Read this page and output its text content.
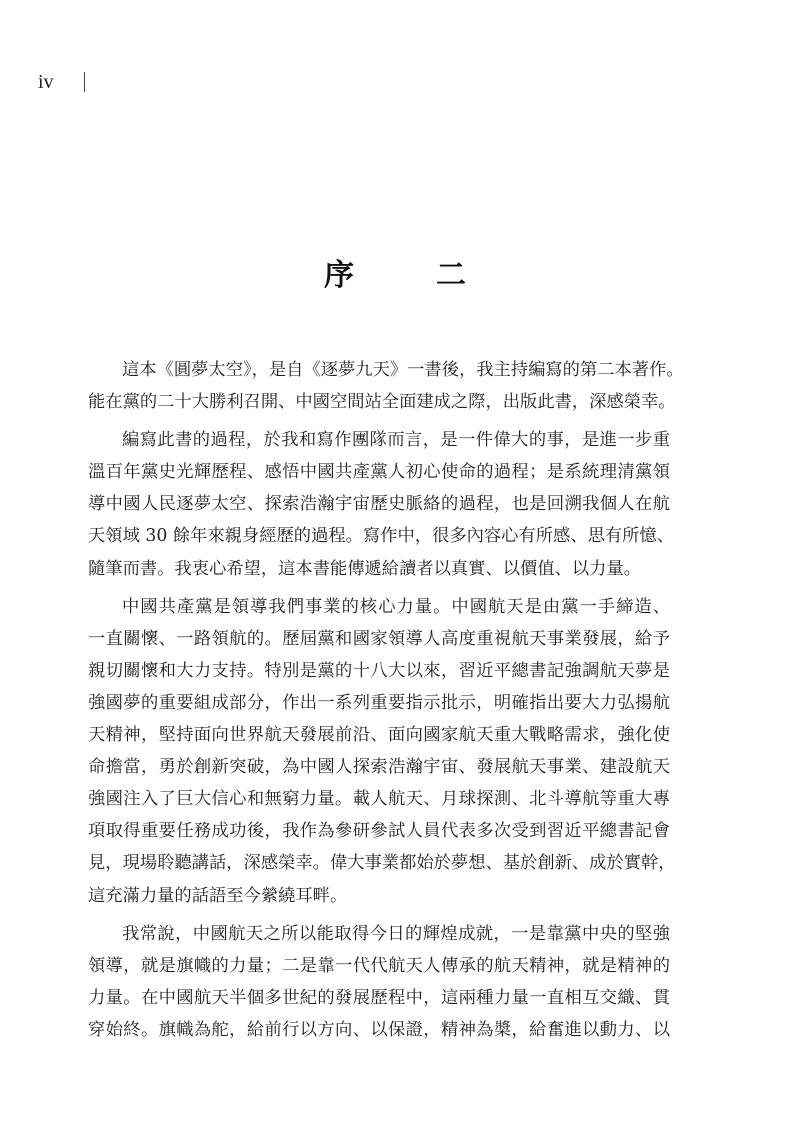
iv
序　二
這本《圓夢太空》，是自《逐夢九天》一書後，我主持編寫的第二本著作。
能在黨的二十大勝利召開、中國空間站全面建成之際，出版此書，深感榮幸。
編寫此書的過程，於我和寫作團隊而言，是一件偉大的事，是進一步重
溫百年黨史光輝歷程、感悟中國共產黨人初心使命的過程；是系統理清黨領
導中國人民逐夢太空、探索浩瀚宇宙歷史脈絡的過程，也是回溯我個人在航
天領域 30 餘年來親身經歷的過程。寫作中，很多內容心有所感、思有所憶、
隨筆而書。我衷心希望，這本書能傳遞給讀者以真實、以價值、以力量。
中國共產黨是領導我們事業的核心力量。中國航天是由黨一手締造、
一直關懷、一路領航的。歷屆黨和國家領導人高度重視航天事業發展，給予
親切關懷和大力支持。特別是黨的十八大以來，習近平總書記強調航天夢是
強國夢的重要組成部分，作出一系列重要指示批示，明確指出要大力弘揚航
天精神，堅持面向世界航天發展前沿、面向國家航天重大戰略需求，強化使
命擔當，勇於創新突破，為中國人探索浩瀚宇宙、發展航天事業、建設航天
強國注入了巨大信心和無窮力量。載人航天、月球探測、北斗導航等重大專
項取得重要任務成功後，我作為參研參試人員代表多次受到習近平總書記會
見，現場聆聽講話，深感榮幸。偉大事業都始於夢想、基於創新、成於實幹，
這充滿力量的話語至今縈繞耳畔。
我常說，中國航天之所以能取得今日的輝煌成就，一是靠黨中央的堅強
領導，就是旗幟的力量；二是靠一代代航天人傳承的航天精神，就是精神的
力量。在中國航天半個多世紀的發展歷程中，這兩種力量一直相互交織、貫
穿始終。旗幟為舵，給前行以方向、以保證，精神為槳，給奮進以動力、以
